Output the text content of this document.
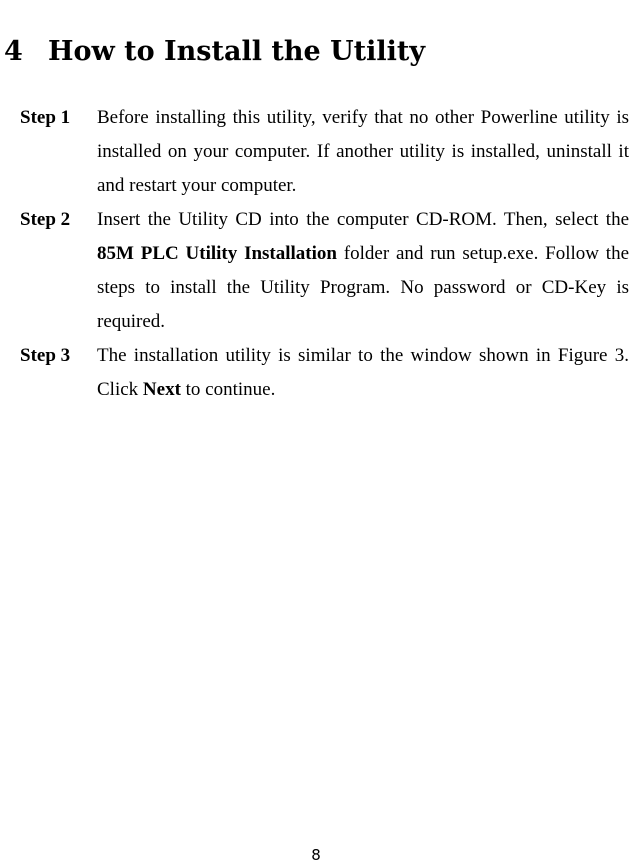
4 How to Install the Utility
Step 1	Before installing this utility, verify that no other Powerline utility is installed on your computer. If another utility is installed, uninstall it and restart your computer.
Step 2	Insert the Utility CD into the computer CD-ROM. Then, select the 85M PLC Utility Installation folder and run setup.exe. Follow the steps to install the Utility Program. No password or CD-Key is required.
Step 3	The installation utility is similar to the window shown in Figure 3. Click Next to continue.
8
